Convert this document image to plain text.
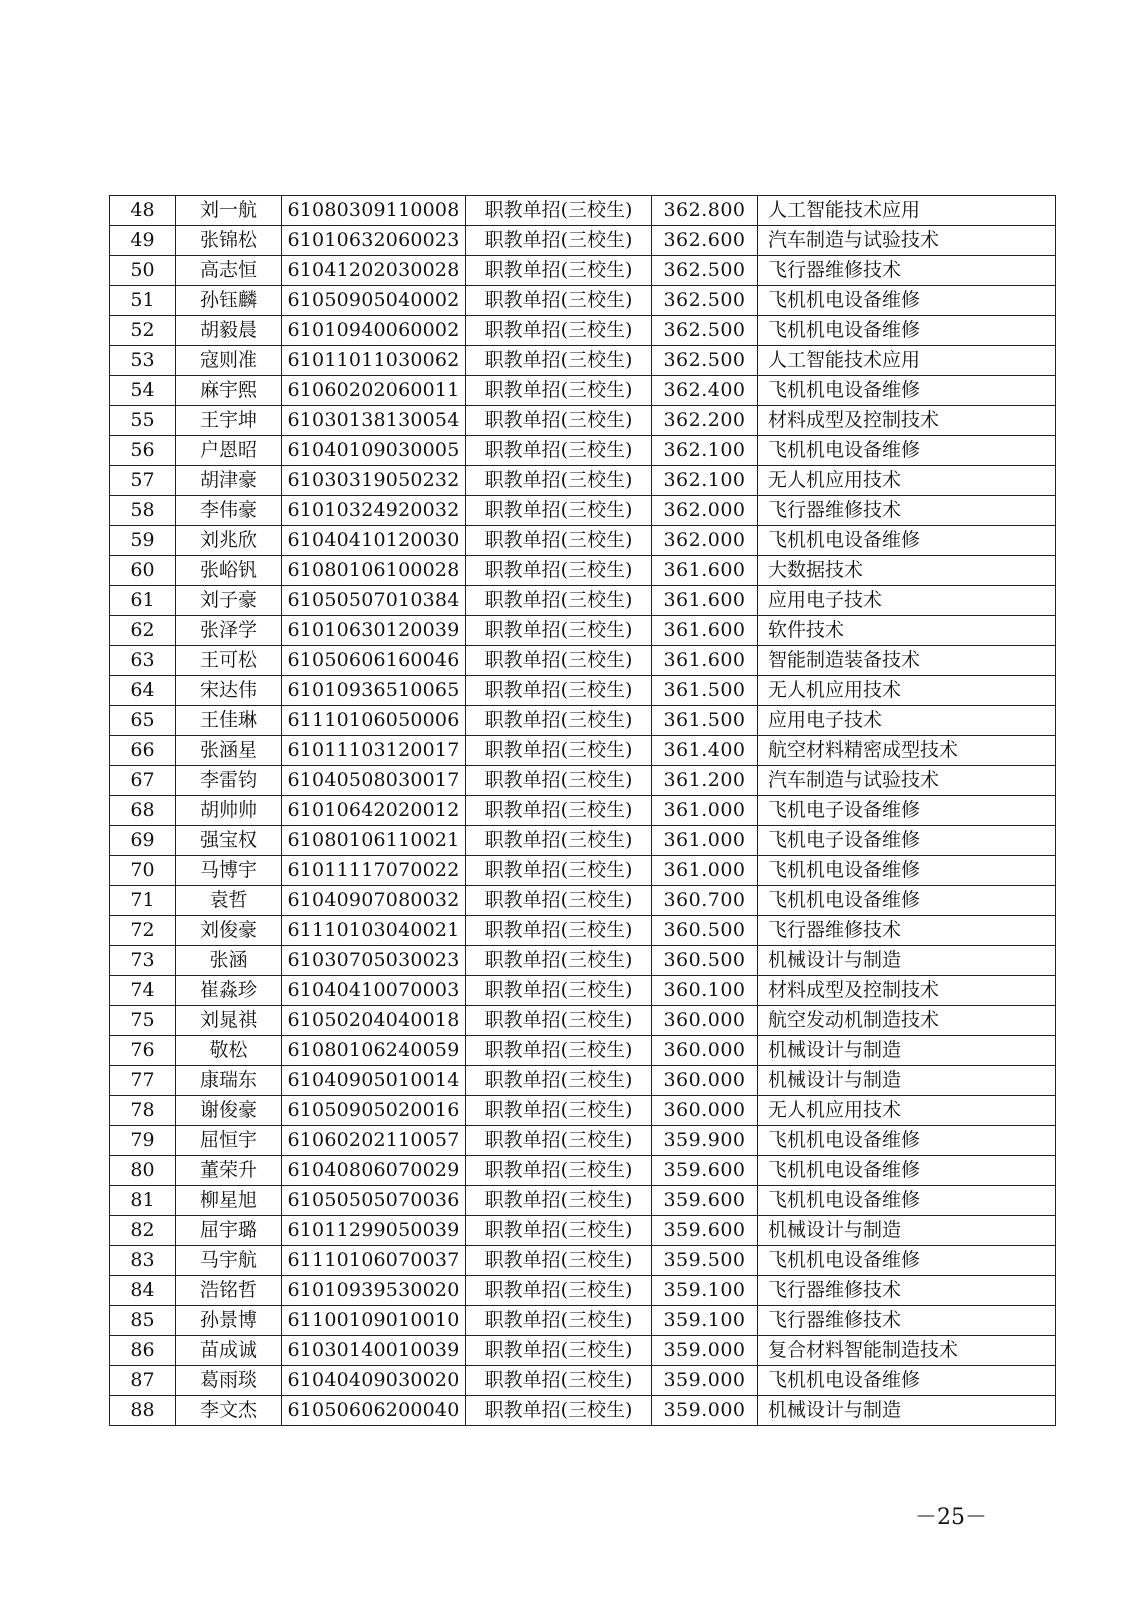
48	刘一航	61080309110008	职教单招(三校生)	362.800	人工智能技术应用
49	张锦松	61010632060023	职教单招(三校生)	362.600	汽车制造与试验技术
50	高志恒	61041202030028	职教单招(三校生)	362.500	飞行器维修技术
51	孙钰麟	61050905040002	职教单招(三校生)	362.500	飞机机电设备维修
52	胡毅晨	61010940060002	职教单招(三校生)	362.500	飞机机电设备维修
53	寇则准	61011011030062	职教单招(三校生)	362.500	人工智能技术应用
54	麻宇熙	61060202060011	职教单招(三校生)	362.400	飞机机电设备维修
55	王宇坤	61030138130054	职教单招(三校生)	362.200	材料成型及控制技术
56	户恩昭	61040109030005	职教单招(三校生)	362.100	飞机机电设备维修
57	胡津豪	61030319050232	职教单招(三校生)	362.100	无人机应用技术
58	李伟豪	61010324920032	职教单招(三校生)	362.000	飞行器维修技术
59	刘兆欣	61040410120030	职教单招(三校生)	362.000	飞机机电设备维修
60	张峪钒	61080106100028	职教单招(三校生)	361.600	大数据技术
61	刘子豪	61050507010384	职教单招(三校生)	361.600	应用电子技术
62	张泽学	61010630120039	职教单招(三校生)	361.600	软件技术
63	王可松	61050606160046	职教单招(三校生)	361.600	智能制造装备技术
64	宋达伟	61010936510065	职教单招(三校生)	361.500	无人机应用技术
65	王佳琳	61110106050006	职教单招(三校生)	361.500	应用电子技术
66	张涵星	61011103120017	职教单招(三校生)	361.400	航空材料精密成型技术
67	李雷钧	61040508030017	职教单招(三校生)	361.200	汽车制造与试验技术
68	胡帅帅	61010642020012	职教单招(三校生)	361.000	飞机电子设备维修
69	强宝权	61080106110021	职教单招(三校生)	361.000	飞机电子设备维修
70	马博宇	61011117070022	职教单招(三校生)	361.000	飞机机电设备维修
71	袁哲	61040907080032	职教单招(三校生)	360.700	飞机机电设备维修
72	刘俊豪	61110103040021	职教单招(三校生)	360.500	飞行器维修技术
73	张涵	61030705030023	职教单招(三校生)	360.500	机械设计与制造
74	崔淼珍	61040410070003	职教单招(三校生)	360.100	材料成型及控制技术
75	刘晁祺	61050204040018	职教单招(三校生)	360.000	航空发动机制造技术
76	敬松	61080106240059	职教单招(三校生)	360.000	机械设计与制造
77	康瑞东	61040905010014	职教单招(三校生)	360.000	机械设计与制造
78	谢俊豪	61050905020016	职教单招(三校生)	360.000	无人机应用技术
79	屈恒宇	61060202110057	职教单招(三校生)	359.900	飞机机电设备维修
80	董荣升	61040806070029	职教单招(三校生)	359.600	飞机机电设备维修
81	柳星旭	61050505070036	职教单招(三校生)	359.600	飞机机电设备维修
82	屈宇璐	61011299050039	职教单招(三校生)	359.600	机械设计与制造
83	马宇航	61110106070037	职教单招(三校生)	359.500	飞机机电设备维修
84	浩铭哲	61010939530020	职教单招(三校生)	359.100	飞行器维修技术
85	孙景博	61100109010010	职教单招(三校生)	359.100	飞行器维修技术
86	苗成诚	61030140010039	职教单招(三校生)	359.000	复合材料智能制造技术
87	葛雨琰	61040409030020	职教单招(三校生)	359.000	飞机机电设备维修
88	李文杰	61050606200040	职教单招(三校生)	359.000	机械设计与制造
－25－
